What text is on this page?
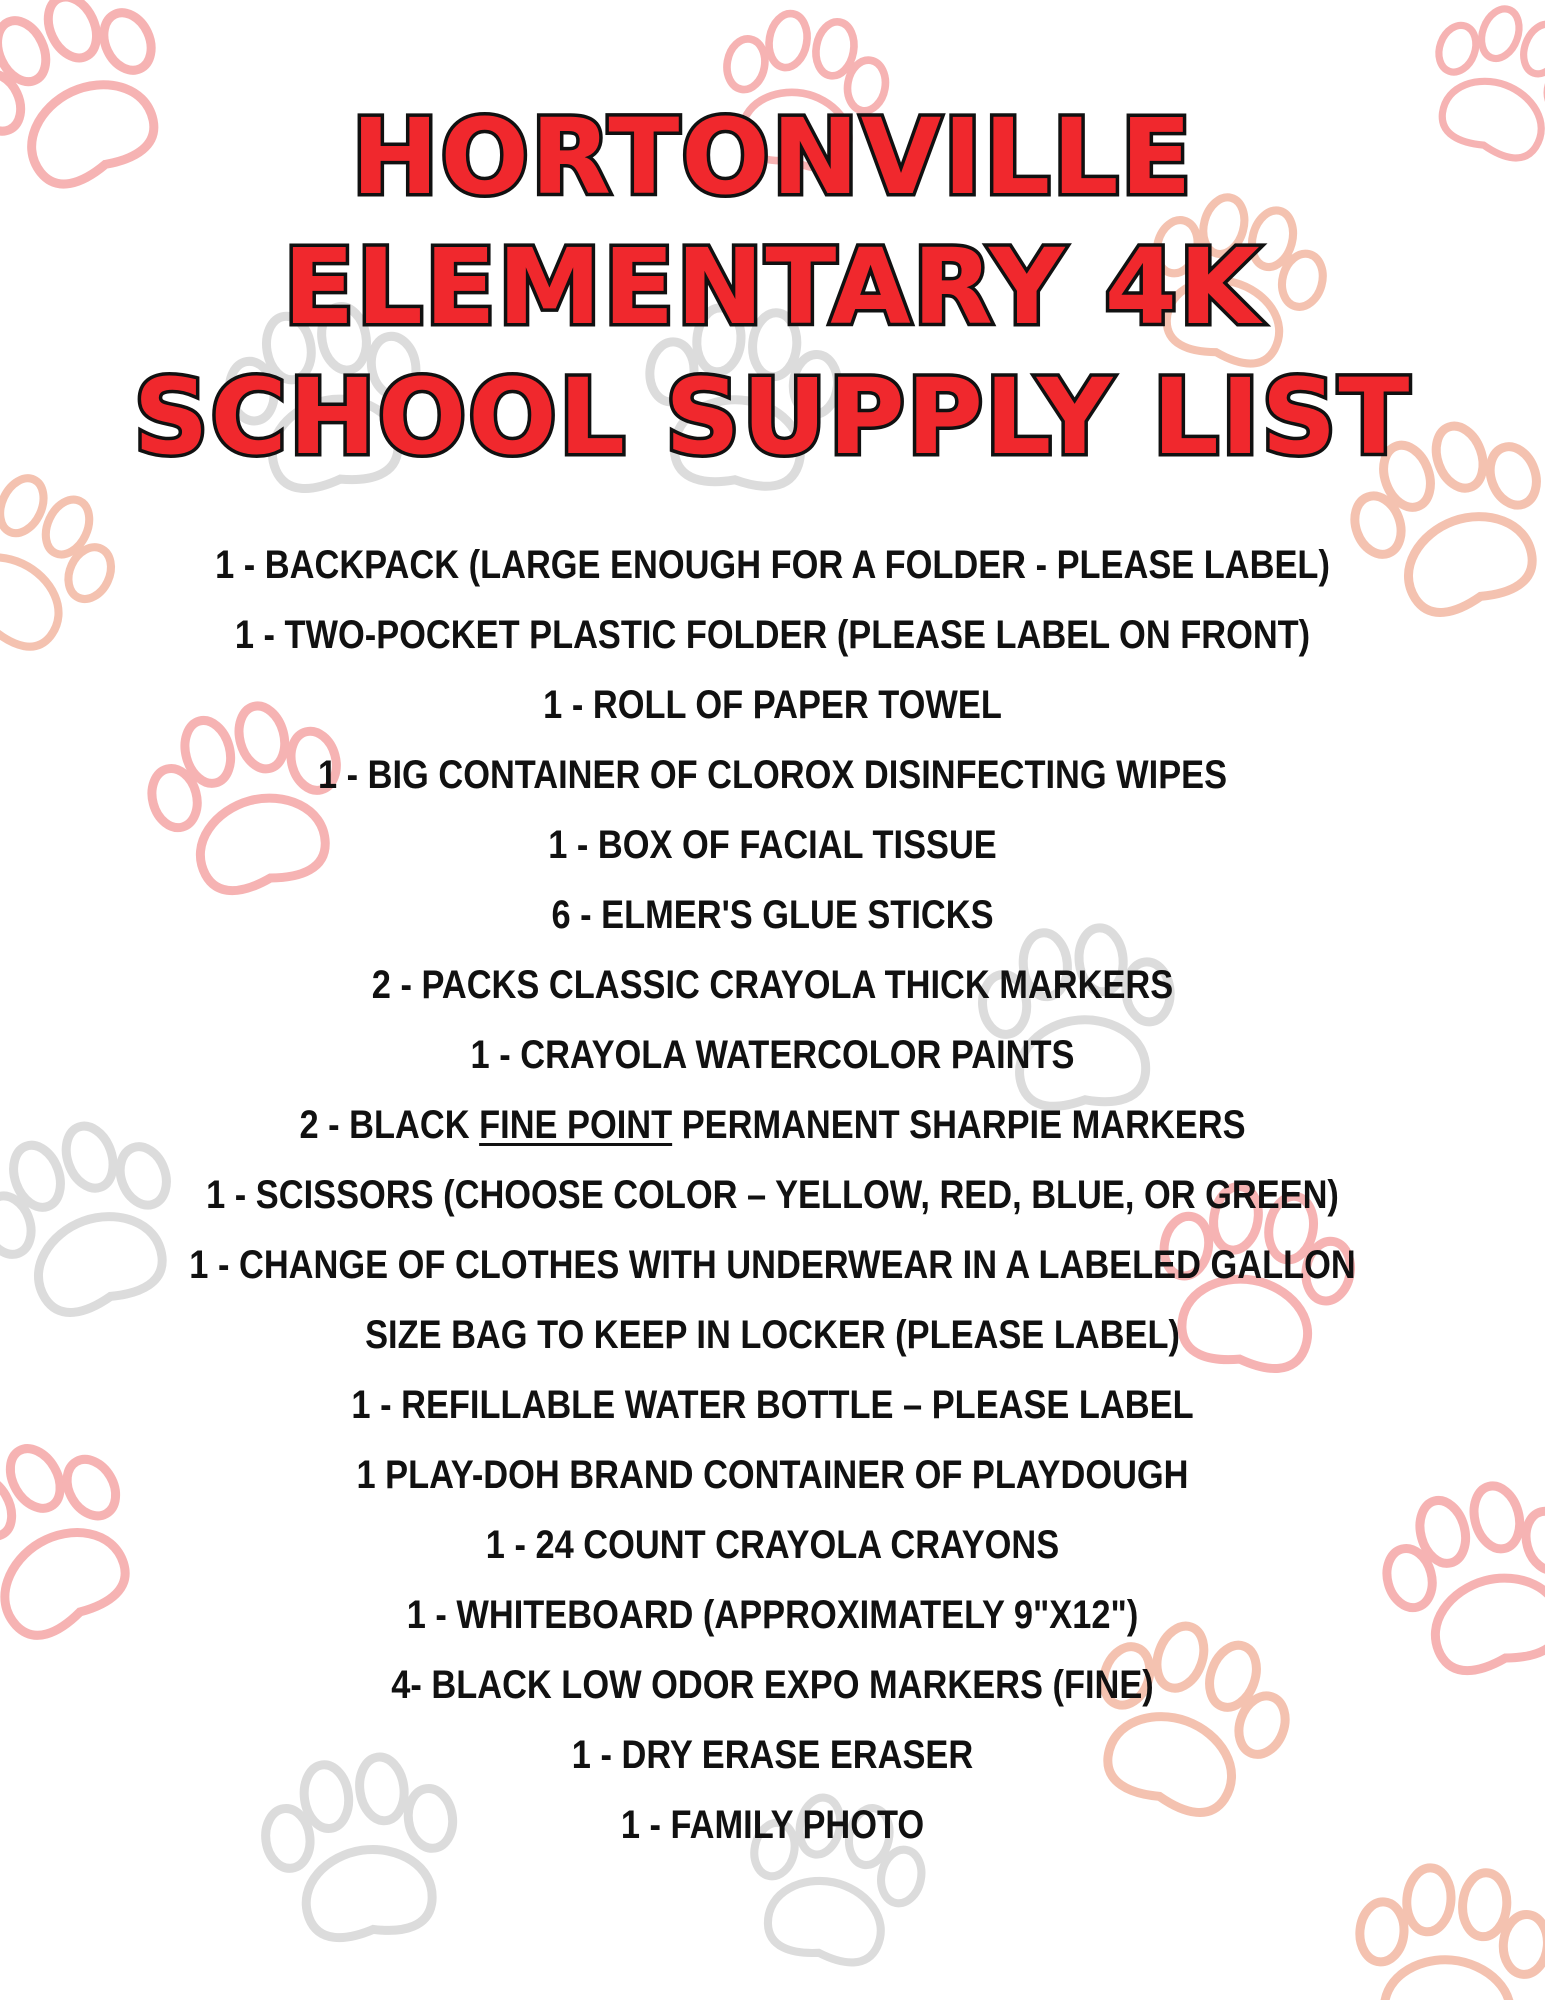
HORTONVILLE
ELEMENTARY 4K
SCHOOL SUPPLY LIST
1 - BACKPACK (LARGE ENOUGH FOR A FOLDER - PLEASE LABEL)
1 - TWO-POCKET PLASTIC FOLDER (PLEASE LABEL ON FRONT)
1 - ROLL OF PAPER TOWEL
1 - BIG CONTAINER OF CLOROX DISINFECTING WIPES
1 - BOX OF FACIAL TISSUE
6 - ELMER'S GLUE STICKS
2 - PACKS CLASSIC CRAYOLA THICK MARKERS
1 - CRAYOLA WATERCOLOR PAINTS
2 - BLACK FINE POINT PERMANENT SHARPIE MARKERS
1 - SCISSORS (CHOOSE COLOR – YELLOW, RED, BLUE, OR GREEN)
1 - CHANGE OF CLOTHES WITH UNDERWEAR IN A LABELED GALLON
SIZE BAG TO KEEP IN LOCKER (PLEASE LABEL)
1 - REFILLABLE WATER BOTTLE – PLEASE LABEL
1 PLAY-DOH BRAND CONTAINER OF PLAYDOUGH
1 - 24 COUNT CRAYOLA CRAYONS
1 - WHITEBOARD (APPROXIMATELY 9"X12")
4- BLACK LOW ODOR EXPO MARKERS (FINE)
1 - DRY ERASE ERASER
1 - FAMILY PHOTO
